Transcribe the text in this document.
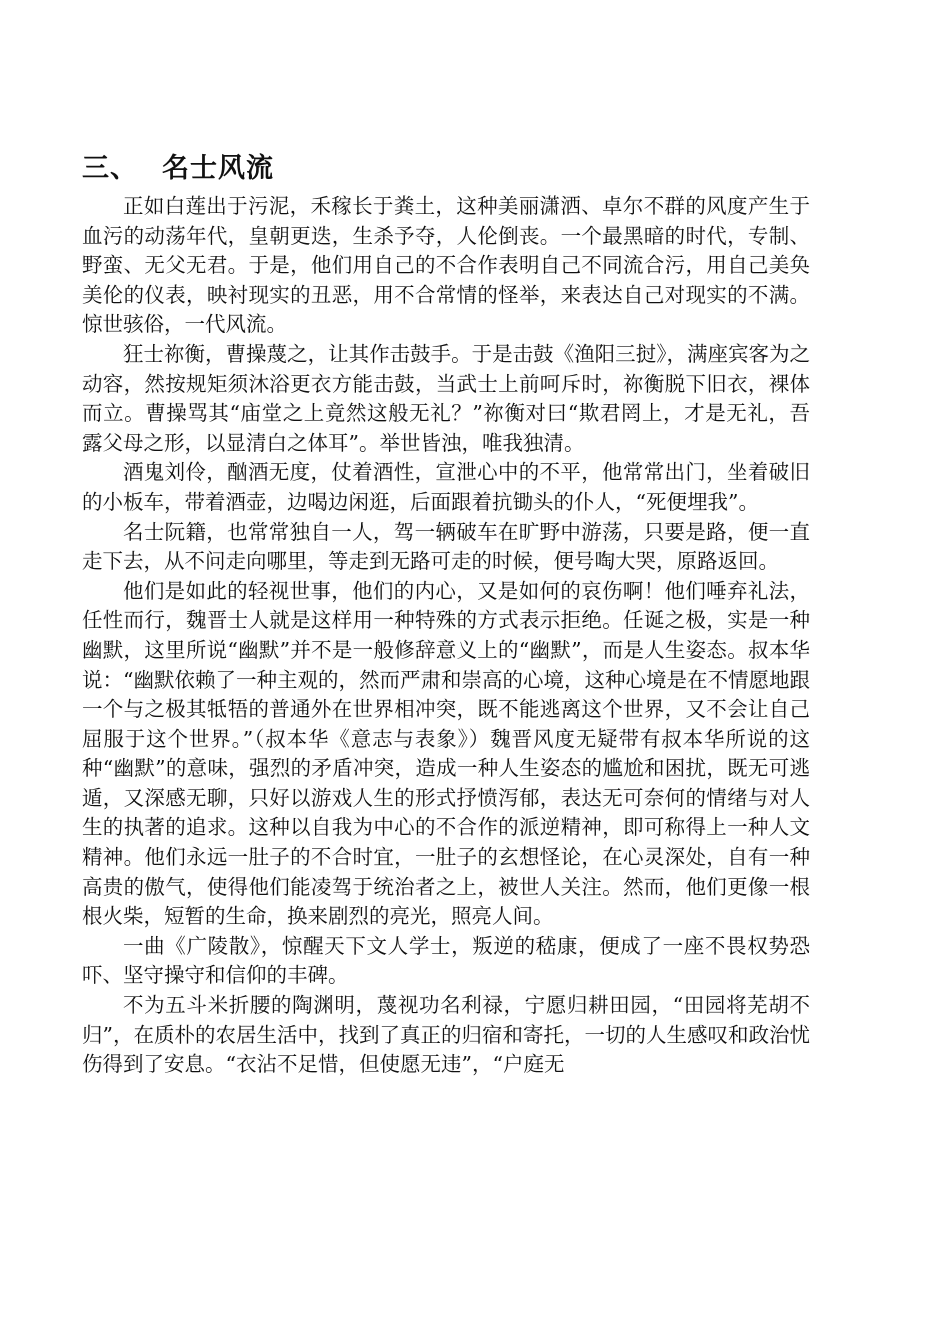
三、 名士风流

正如白莲出于污泥，禾稼长于粪土，这种美丽潇洒、卓尔不群的风度产生于血污的动荡年代，皇朝更迭，生杀予夺，人伦倒丧。一个最黑暗的时代，专制、野蛮、无父无君。于是，他们用自己的不合作表明自己不同流合污，用自己美奂美伦的仪表，映衬现实的丑恶，用不合常情的怪举，来表达自己对现实的不满。惊世骇俗，一代风流。

狂士祢衡，曹操蔑之，让其作击鼓手。于是击鼓《渔阳三挝》，满座宾客为之动容，然按规矩须沐浴更衣方能击鼓，当武士上前呵斥时，祢衡脱下旧衣，裸体而立。曹操骂其“庙堂之上竟然这般无礼？”祢衡对曰“欺君罔上，才是无礼，吾露父母之形，以显清白之体耳”。举世皆浊，唯我独清。

酒鬼刘伶，酗酒无度，仗着酒性，宣泄心中的不平，他常常出门，坐着破旧的小板车，带着酒壶，边喝边闲逛，后面跟着抗锄头的仆人，“死便埋我”。

名士阮籍，也常常独自一人，驾一辆破车在旷野中游荡，只要是路，便一直走下去，从不问走向哪里，等走到无路可走的时候，便号啕大哭，原路返回。

他们是如此的轻视世事，他们的内心，又是如何的哀伤啊！他们唾弃礼法，任性而行，魏晋士人就是这样用一种特殊的方式表示拒绝。任诞之极，实是一种幽默，这里所说“幽默”并不是一般修辞意义上的“幽默”，而是人生姿态。叔本华说：“幽默依赖了一种主观的，然而严肃和崇高的心境，这种心境是在不情愿地跟一个与之极其牴牾的普通外在世界相冲突，既不能逃离这个世界，又不会让自己屈服于这个世界。”（叔本华《意志与表象》）魏晋风度无疑带有叔本华所说的这种“幽默”的意味，强烈的矛盾冲突，造成一种人生姿态的尴尬和困扰，既无可逃遁，又深感无聊，只好以游戏人生的形式抒愤泻郁，表达无可奈何的情绪与对人生的执著的追求。这种以自我为中心的不合作的派逆精神，即可称得上一种人文精神。他们永远一肚子的不合时宜，一肚子的玄想怪论，在心灵深处，自有一种高贵的傲气，使得他们能凌驾于统治者之上，被世人关注。然而，他们更像一根根火柴，短暂的生命，换来剧烈的亮光，照亮人间。

一曲《广陵散》，惊醒天下文人学士，叛逆的嵇康，便成了一座不畏权势恐吓、坚守操守和信仰的丰碑。

不为五斗米折腰的陶渊明，蔑视功名利禄，宁愿归耕田园，“田园将芜胡不归”，在质朴的农居生活中，找到了真正的归宿和寄托，一切的人生感叹和政治忧伤得到了安息。“衣沾不足惜，但使愿无违”，“户庭无
